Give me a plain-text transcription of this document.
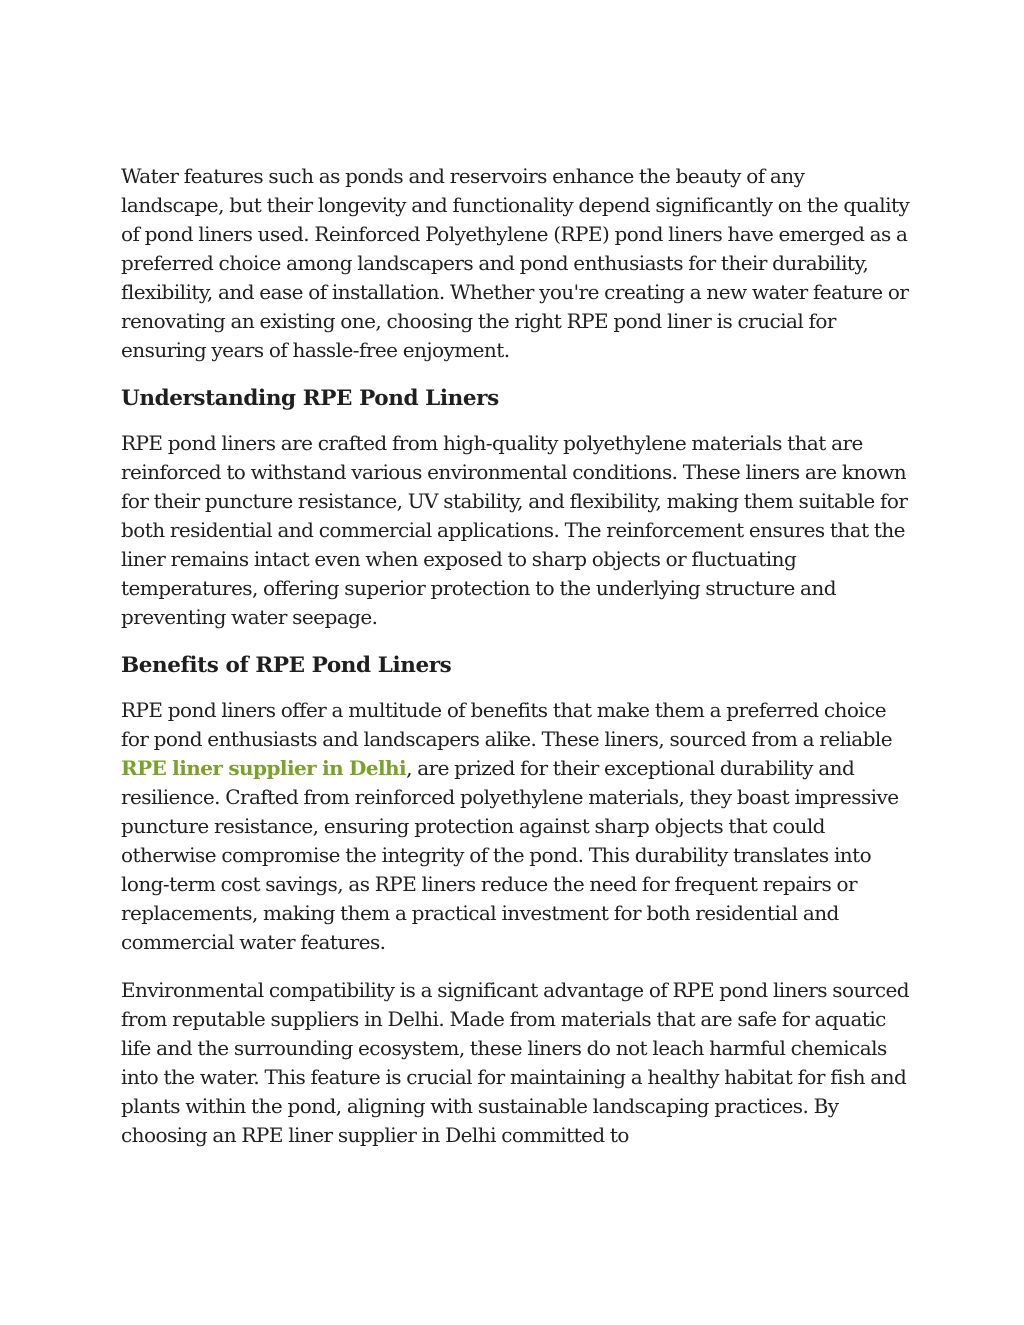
Water features such as ponds and reservoirs enhance the beauty of any landscape, but their longevity and functionality depend significantly on the quality of pond liners used. Reinforced Polyethylene (RPE) pond liners have emerged as a preferred choice among landscapers and pond enthusiasts for their durability, flexibility, and ease of installation. Whether you're creating a new water feature or renovating an existing one, choosing the right RPE pond liner is crucial for ensuring years of hassle-free enjoyment.

Understanding RPE Pond Liners

RPE pond liners are crafted from high-quality polyethylene materials that are reinforced to withstand various environmental conditions. These liners are known for their puncture resistance, UV stability, and flexibility, making them suitable for both residential and commercial applications. The reinforcement ensures that the liner remains intact even when exposed to sharp objects or fluctuating temperatures, offering superior protection to the underlying structure and preventing water seepage.

Benefits of RPE Pond Liners

RPE pond liners offer a multitude of benefits that make them a preferred choice for pond enthusiasts and landscapers alike. These liners, sourced from a reliable RPE liner supplier in Delhi, are prized for their exceptional durability and resilience. Crafted from reinforced polyethylene materials, they boast impressive puncture resistance, ensuring protection against sharp objects that could otherwise compromise the integrity of the pond. This durability translates into long-term cost savings, as RPE liners reduce the need for frequent repairs or replacements, making them a practical investment for both residential and commercial water features.

Environmental compatibility is a significant advantage of RPE pond liners sourced from reputable suppliers in Delhi. Made from materials that are safe for aquatic life and the surrounding ecosystem, these liners do not leach harmful chemicals into the water. This feature is crucial for maintaining a healthy habitat for fish and plants within the pond, aligning with sustainable landscaping practices. By choosing an RPE liner supplier in Delhi committed to
